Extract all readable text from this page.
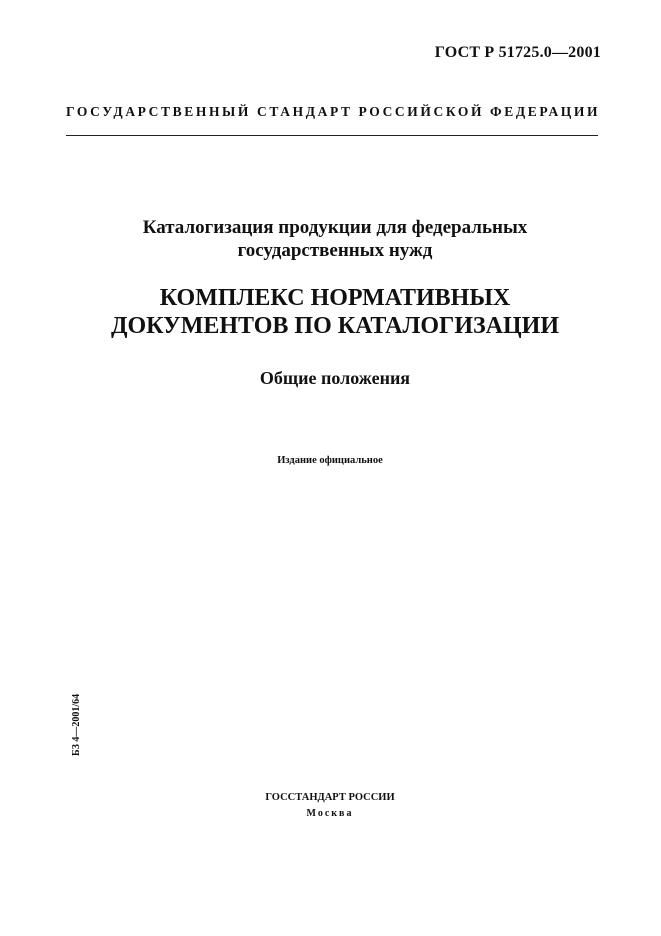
ГОСТ Р 51725.0—2001
ГОСУДАРСТВЕННЫЙ СТАНДАРТ РОССИЙСКОЙ ФЕДЕРАЦИИ
Каталогизация продукции для федеральных
государственных нужд
КОМПЛЕКС НОРМАТИВНЫХ
ДОКУМЕНТОВ ПО КАТАЛОГИЗАЦИИ
Общие положения
Издание официальное
БЗ 4—2001/64
ГОССТАНДАРТ РОССИИ
Москва
